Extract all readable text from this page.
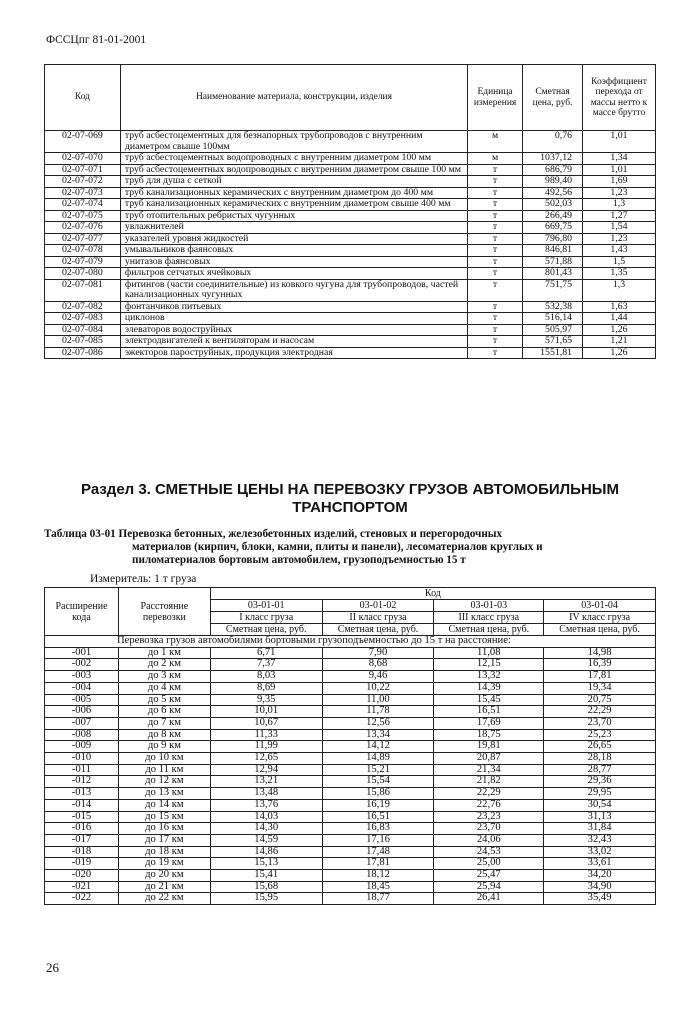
ФССЦпг 81-01-2001
Код	Наименование материала, конструкции, изделия	Единица измерения	Сметная цена, руб.	Коэффициент перехода от массы нетто к массе брутто
02-07-069	труб асбестоцементных для безнапорных трубопроводов с внутренним диаметром свыше 100мм	м	0,76	1,01
02-07-070	труб асбестоцементных водопроводных с внутренним диаметром 100 мм	м	1037,12	1,34
02-07-071	труб асбестоцементных водопроводных с внутренним диаметром свыше 100 мм	т	686,79	1,01
02-07-072	труб для душа с сеткой	т	989,40	1,69
02-07-073	труб канализационных керамических с внутренним диаметром до 400 мм	т	492,56	1,23
02-07-074	труб канализационных керамических с внутренним диаметром свыше 400 мм	т	502,03	1,3
02-07-075	труб отопительных ребристых чугунных	т	266,49	1,27
02-07-076	увлажнителей	т	669,75	1,54
02-07-077	указателей уровня жидкостей	т	796,80	1,23
02-07-078	умывальников фаянсовых	т	846,81	1,43
02-07-079	унитазов фаянсовых	т	571,88	1,5
02-07-080	фильтров сетчатых ячейковых	т	801,43	1,35
02-07-081	фитингов (части соединительные) из ковкого чугуна для трубопроводов, частей канализационных чугунных	т	751,75	1,3
02-07-082	фонтанчиков питьевых	т	532,38	1,63
02-07-083	циклонов	т	516,14	1,44
02-07-084	элеваторов водоструйных	т	505,97	1,26
02-07-085	электродвигателей к вентиляторам и насосам	т	571,65	1,21
02-07-086	эжекторов пароструйных, продукция электродная	т	1551,81	1,26
Раздел 3. СМЕТНЫЕ ЦЕНЫ НА ПЕРЕВОЗКУ ГРУЗОВ АВТОМОБИЛЬНЫМ ТРАНСПОРТОМ
Таблица 03-01 Перевозка бетонных, железобетонных изделий, стеновых и перегородочных
материалов (кирпич, блоки, камни, плиты и панели), лесоматериалов круглых и
пиломатериалов бортовым автомобилем, грузоподъемностью 15 т
Измеритель: 1 т груза
Расширение кода	Расстояние перевозки	Код			
		03-01-01	03-01-02	03-01-03	03-01-04
		I класс груза	II класс груза	III класс груза	IV класс груза
		Сметная цена, руб.	Сметная цена, руб.	Сметная цена, руб.	Сметная цена, руб.
Перевозка грузов автомобилями бортовыми грузоподъемностью до 15 т на расстояние:					
-001	до 1 км	6,71	7,90	11,08	14,98
-002	до 2 км	7,37	8,68	12,15	16,39
-003	до 3 км	8,03	9,46	13,32	17,81
-004	до 4 км	8,69	10,22	14,39	19,34
-005	до 5 км	9,35	11,00	15,45	20,75
-006	до 6 км	10,01	11,78	16,51	22,29
-007	до 7 км	10,67	12,56	17,69	23,70
-008	до 8 км	11,33	13,34	18,75	25,23
-009	до 9 км	11,99	14,12	19,81	26,65
-010	до 10 км	12,65	14,89	20,87	28,18
-011	до 11 км	12,94	15,21	21,34	28,77
-012	до 12 км	13,21	15,54	21,82	29,36
-013	до 13 км	13,48	15,86	22,29	29,95
-014	до 14 км	13,76	16,19	22,76	30,54
-015	до 15 км	14,03	16,51	23,23	31,13
-016	до 16 км	14,30	16,83	23,70	31,84
-017	до 17 км	14,59	17,16	24,06	32,43
-018	до 18 км	14,86	17,48	24,53	33,02
-019	до 19 км	15,13	17,81	25,00	33,61
-020	до 20 км	15,41	18,12	25,47	34,20
-021	до 21 км	15,68	18,45	25,94	34,90
-022	до 22 км	15,95	18,77	26,41	35,49
26
